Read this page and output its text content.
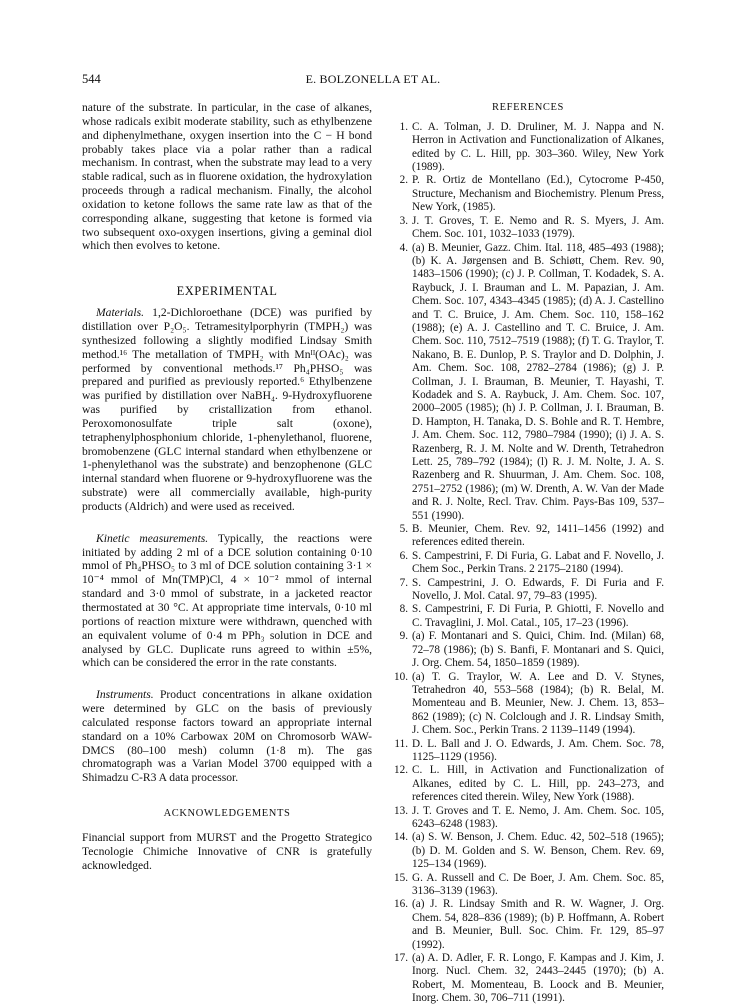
544	E. BOLZONELLA ET AL.

nature of the substrate. In particular, in the case of alkanes, whose radicals exibit moderate stability, such as ethylbenzene and diphenylmethane, oxygen insertion into the C − H bond probably takes place via a polar rather than a radical mechanism. In contrast, when the substrate may lead to a very stable radical, such as in fluorene oxidation, the hydroxylation proceeds through a radical mechanism. Finally, the alcohol oxidation to ketone follows the same rate law as that of the corresponding alkane, suggesting that ketone is formed via two subsequent oxo-oxygen insertions, giving a geminal diol which then evolves to ketone.

EXPERIMENTAL

Materials. 1,2-Dichloroethane (DCE) was purified by distillation over P₂O₅. Tetramesitylporphyrin (TMPH₂) was synthesized following a slightly modified Lindsay Smith method.¹⁶ The metallation of TMPH₂ with Mnᴵᴵ(OAc)₂ was performed by conventional methods.¹⁷ Ph₄PHSO₅ was prepared and purified as previously reported.⁶ Ethylbenzene was purified by distillation over NaBH₄. 9-Hydroxyfluorene was purified by cristallization from ethanol. Peroxomonosulfate triple salt (oxone), tetraphenylphosphonium chloride, 1-phenylethanol, fluorene, bromobenzene (GLC internal standard when ethylbenzene or 1-phenylethanol was the substrate) and benzophenone (GLC internal standard when fluorene or 9-hydroxyfluorene was the substrate) were all commercially available, high-purity products (Aldrich) and were used as received.

Kinetic measurements. Typically, the reactions were initiated by adding 2 ml of a DCE solution containing 0·10 mmol of Ph₄PHSO₅ to 3 ml of DCE solution containing 3·1 × 10⁻⁴ mmol of Mn(TMP)Cl, 4 × 10⁻² mmol of internal standard and 3·0 mmol of substrate, in a jacketed reactor thermostated at 30 °C. At appropriate time intervals, 0·10 ml portions of reaction mixture were withdrawn, quenched with an equivalent volume of 0·4 m PPh₃ solution in DCE and analysed by GLC. Duplicate runs agreed to within ±5%, which can be considered the error in the rate constants.

Instruments. Product concentrations in alkane oxidation were determined by GLC on the basis of previously calculated response factors toward an appropriate internal standard on a 10% Carbowax 20M on Chromosorb WAW-DMCS (80–100 mesh) column (1·8 m). The gas chromatograph was a Varian Model 3700 equipped with a Shimadzu C-R3 A data processor.

ACKNOWLEDGEMENTS

Financial support from MURST and the Progetto Strategico Tecnologie Chimiche Innovative of CNR is gratefully acknowledged.

REFERENCES

1. C. A. Tolman, J. D. Druliner, M. J. Nappa and N. Herron in Activation and Functionalization of Alkanes, edited by C. L. Hill, pp. 303–360. Wiley, New York (1989).
2. P. R. Ortiz de Montellano (Ed.), Cytocrome P-450, Structure, Mechanism and Biochemistry. Plenum Press, New York, (1985).
3. J. T. Groves, T. E. Nemo and R. S. Myers, J. Am. Chem. Soc. 101, 1032–1033 (1979).
4. (a) B. Meunier, Gazz. Chim. Ital. 118, 485–493 (1988); (b) K. A. Jørgensen and B. Schiøtt, Chem. Rev. 90, 1483–1506 (1990); (c) J. P. Collman, T. Kodadek, S. A. Raybuck, J. I. Brauman and L. M. Papazian, J. Am. Chem. Soc. 107, 4343–4345 (1985); (d) A. J. Castellino and T. C. Bruice, J. Am. Chem. Soc. 110, 158–162 (1988); (e) A. J. Castellino and T. C. Bruice, J. Am. Chem. Soc. 110, 7512–7519 (1988); (f) T. G. Traylor, T. Nakano, B. E. Dunlop, P. S. Traylor and D. Dolphin, J. Am. Chem. Soc. 108, 2782–2784 (1986); (g) J. P. Collman, J. I. Brauman, B. Meunier, T. Hayashi, T. Kodadek and S. A. Raybuck, J. Am. Chem. Soc. 107, 2000–2005 (1985); (h) J. P. Collman, J. I. Brauman, B. D. Hampton, H. Tanaka, D. S. Bohle and R. T. Hembre, J. Am. Chem. Soc. 112, 7980–7984 (1990); (i) J. A. S. Razenberg, R. J. M. Nolte and W. Drenth, Tetrahedron Lett. 25, 789–792 (1984); (l) R. J. M. Nolte, J. A. S. Razenberg and R. Shuurman, J. Am. Chem. Soc. 108, 2751–2752 (1986); (m) W. Drenth, A. W. Van der Made and R. J. Nolte, Recl. Trav. Chim. Pays-Bas 109, 537–551 (1990).
5. B. Meunier, Chem. Rev. 92, 1411–1456 (1992) and references edited therein.
6. S. Campestrini, F. Di Furia, G. Labat and F. Novello, J. Chem Soc., Perkin Trans. 2 2175–2180 (1994).
7. S. Campestrini, J. O. Edwards, F. Di Furia and F. Novello, J. Mol. Catal. 97, 79–83 (1995).
8. S. Campestrini, F. Di Furia, P. Ghiotti, F. Novello and C. Travaglini, J. Mol. Catal., 105, 17–23 (1996).
9. (a) F. Montanari and S. Quici, Chim. Ind. (Milan) 68, 72–78 (1986); (b) S. Banfi, F. Montanari and S. Quici, J. Org. Chem. 54, 1850–1859 (1989).
10. (a) T. G. Traylor, W. A. Lee and D. V. Stynes, Tetrahedron 40, 553–568 (1984); (b) R. Belal, M. Momenteau and B. Meunier, New. J. Chem. 13, 853–862 (1989); (c) N. Colclough and J. R. Lindsay Smith, J. Chem. Soc., Perkin Trans. 2 1139–1149 (1994).
11. D. L. Ball and J. O. Edwards, J. Am. Chem. Soc. 78, 1125–1129 (1956).
12. C. L. Hill, in Activation and Functionalization of Alkanes, edited by C. L. Hill, pp. 243–273, and references cited therein. Wiley, New York (1988).
13. J. T. Groves and T. E. Nemo, J. Am. Chem. Soc. 105, 6243–6248 (1983).
14. (a) S. W. Benson, J. Chem. Educ. 42, 502–518 (1965); (b) D. M. Golden and S. W. Benson, Chem. Rev. 69, 125–134 (1969).
15. G. A. Russell and C. De Boer, J. Am. Chem. Soc. 85, 3136–3139 (1963).
16. (a) J. R. Lindsay Smith and R. W. Wagner, J. Org. Chem. 54, 828–836 (1989); (b) P. Hoffmann, A. Robert and B. Meunier, Bull. Soc. Chim. Fr. 129, 85–97 (1992).
17. (a) A. D. Adler, F. R. Longo, F. Kampas and J. Kim, J. Inorg. Nucl. Chem. 32, 2443–2445 (1970); (b) A. Robert, M. Momenteau, B. Loock and B. Meunier, Inorg. Chem. 30, 706–711 (1991).
